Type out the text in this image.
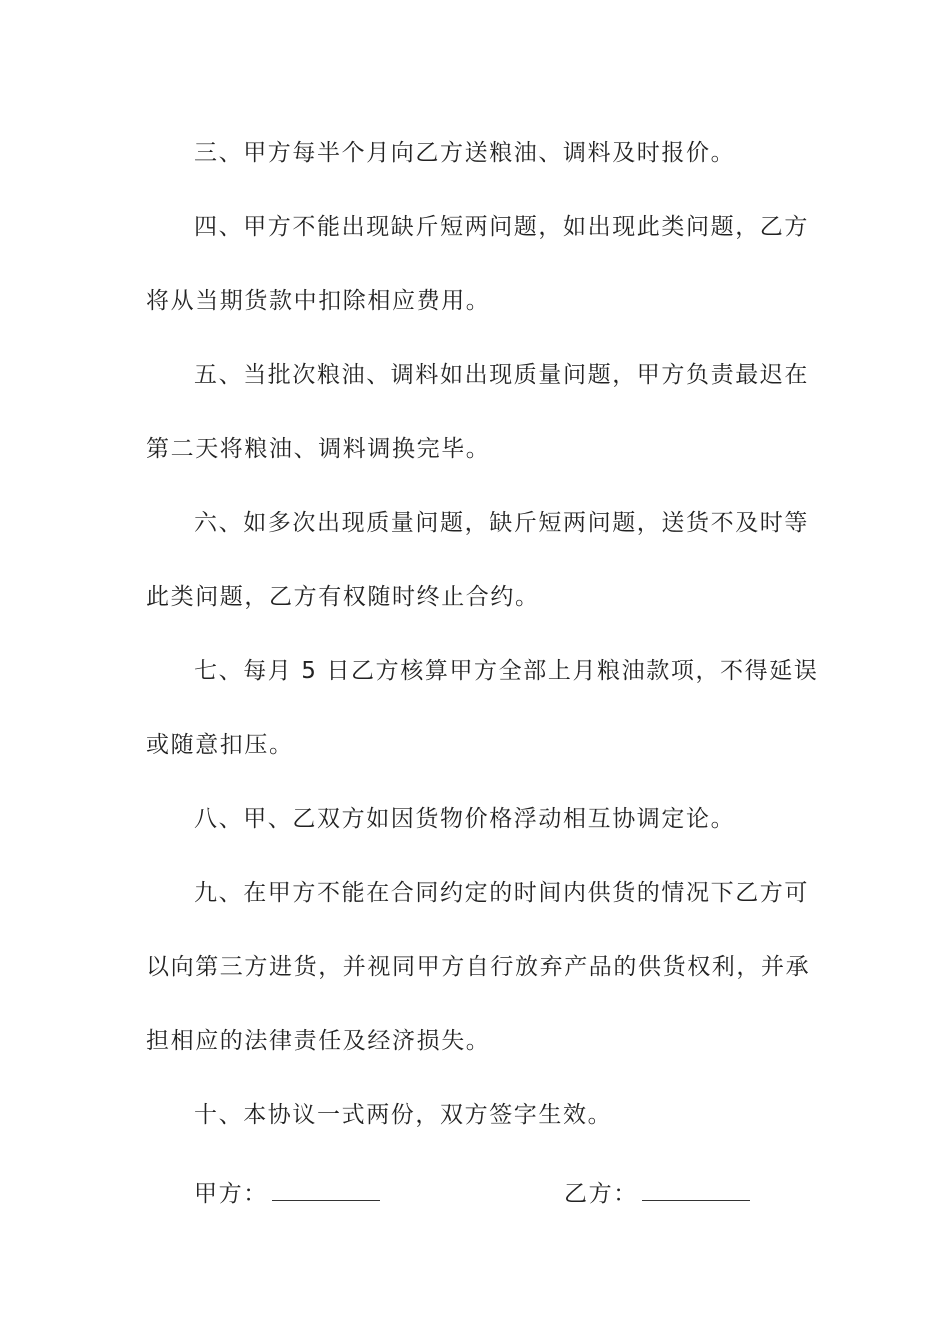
三、甲方每半个月向乙方送粮油、调料及时报价。
四、甲方不能出现缺斤短两问题，如出现此类问题，乙方
将从当期货款中扣除相应费用。
五、当批次粮油、调料如出现质量问题，甲方负责最迟在
第二天将粮油、调料调换完毕。
六、如多次出现质量问题，缺斤短两问题，送货不及时等
此类问题，乙方有权随时终止合约。
七、每月 5 日乙方核算甲方全部上月粮油款项，不得延误
或随意扣压。
八、甲、乙双方如因货物价格浮动相互协调定论。
九、在甲方不能在合同约定的时间内供货的情况下乙方可
以向第三方进货，并视同甲方自行放弃产品的供货权利，并承
担相应的法律责任及经济损失。
十、本协议一式两份，双方签字生效。
甲方：	乙方：
